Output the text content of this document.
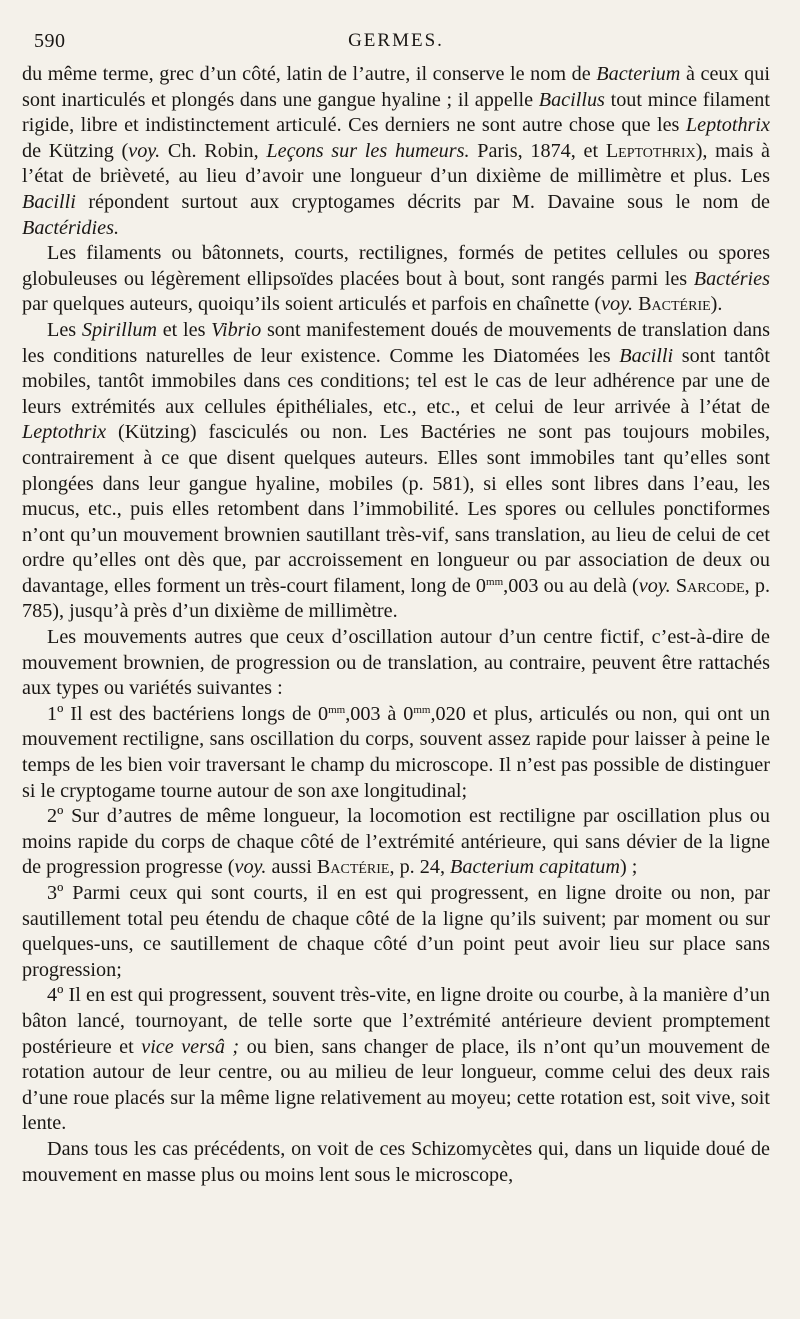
590	GERMES.

du même terme, grec d’un côté, latin de l’autre, il conserve le nom de Bacterium à ceux qui sont inarticulés et plongés dans une gangue hyaline ; il appelle Bacillus tout mince filament rigide, libre et indistinctement articulé. Ces derniers ne sont autre chose que les Leptothrix de Kützing (voy. Ch. Robin, Leçons sur les humeurs. Paris, 1874, et Leptothrix), mais à l’état de brièveté, au lieu d’avoir une longueur d’un dixième de millimètre et plus. Les Bacilli répondent surtout aux cryptogames décrits par M. Davaine sous le nom de Bactéridies.

Les filaments ou bâtonnets, courts, rectilignes, formés de petites cellules ou spores globuleuses ou légèrement ellipsoïdes placées bout à bout, sont rangés parmi les Bactéries par quelques auteurs, quoiqu’ils soient articulés et parfois en chaînette (voy. Bactérie).

Les Spirillum et les Vibrio sont manifestement doués de mouvements de translation dans les conditions naturelles de leur existence. Comme les Diatomées les Bacilli sont tantôt mobiles, tantôt immobiles dans ces conditions; tel est le cas de leur adhérence par une de leurs extrémités aux cellules épithéliales, etc., etc., et celui de leur arrivée à l’état de Leptothrix (Kützing) fasciculés ou non. Les Bactéries ne sont pas toujours mobiles, contrairement à ce que disent quelques auteurs. Elles sont immobiles tant qu’elles sont plongées dans leur gangue hyaline, mobiles (p. 581), si elles sont libres dans l’eau, les mucus, etc., puis elles retombent dans l’immobilité. Les spores ou cellules ponctiformes n’ont qu’un mouvement brownien sautillant très-vif, sans translation, au lieu de celui de cet ordre qu’elles ont dès que, par accroissement en longueur ou par association de deux ou davantage, elles forment un très-court filament, long de $0^{mm},003$ ou au delà (voy. Sarcode, p. 785), jusqu’à près d’un dixième de millimètre.

Les mouvements autres que ceux d’oscillation autour d’un centre fictif, c’est-à-dire de mouvement brownien, de progression ou de translation, au contraire, peuvent être rattachés aux types ou variétés suivantes :

1º Il est des bactériens longs de $0^{mm},003$ à $0^{mm},020$ et plus, articulés ou non, qui ont un mouvement rectiligne, sans oscillation du corps, souvent assez rapide pour laisser à peine le temps de les bien voir traversant le champ du microscope. Il n’est pas possible de distinguer si le cryptogame tourne autour de son axe longitudinal;

2º Sur d’autres de même longueur, la locomotion est rectiligne par oscillation plus ou moins rapide du corps de chaque côté de l’extrémité antérieure, qui sans dévier de la ligne de progression progresse (voy. aussi Bactérie, p. 24, Bacterium capitatum) ;

3º Parmi ceux qui sont courts, il en est qui progressent, en ligne droite ou non, par sautillement total peu étendu de chaque côté de la ligne qu’ils suivent; par moment ou sur quelques-uns, ce sautillement de chaque côté d’un point peut avoir lieu sur place sans progression;

4º Il en est qui progressent, souvent très-vite, en ligne droite ou courbe, à la manière d’un bâton lancé, tournoyant, de telle sorte que l’extrémité antérieure devient promptement postérieure et vice versâ ; ou bien, sans changer de place, ils n’ont qu’un mouvement de rotation autour de leur centre, ou au milieu de leur longueur, comme celui des deux rais d’une roue placés sur la même ligne relativement au moyeu; cette rotation est, soit vive, soit lente.

Dans tous les cas précédents, on voit de ces Schizomycètes qui, dans un liquide doué de mouvement en masse plus ou moins lent sous le microscope,
